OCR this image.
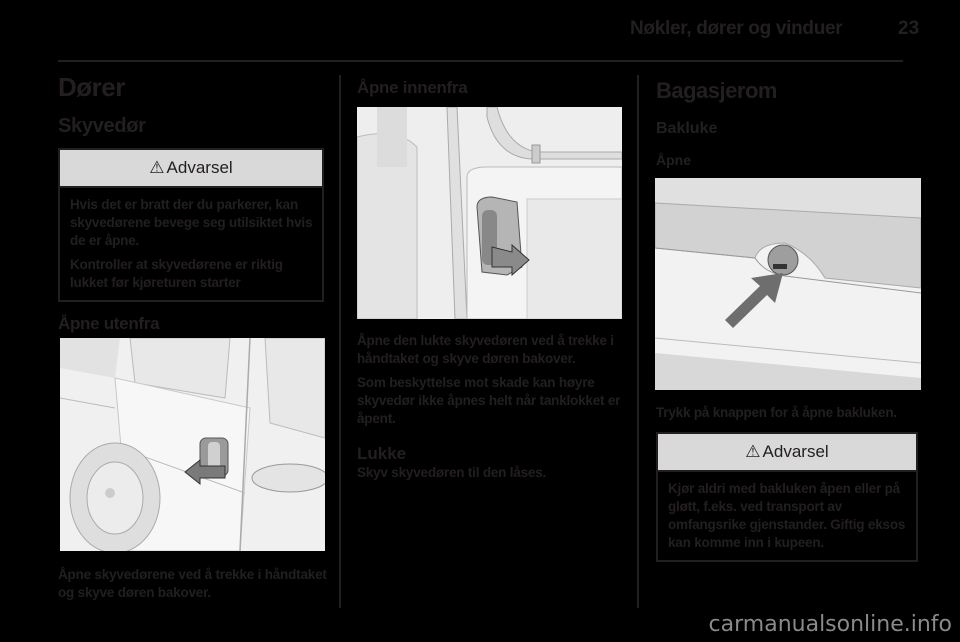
Nøkler, dører og vinduer	23
Dører
Skyvedør
⚠ Advarsel

Hvis det er bratt der du parkerer, kan skyvedørene bevege seg utilsiktet hvis de er åpne.

Kontroller at skyvedørene er riktig lukket før kjøreturen starter

Åpne utenfra

Åpne skyvedørene ved å trekke i håndtaket og skyve døren bakover.

Åpne innenfra

Åpne den lukte skyvedøren ved å trekke i håndtaket og skyve døren bakover.

Som beskyttelse mot skade kan høyre skyvedør ikke åpnes helt når tanklokket er åpent.

Lukke

Skyv skyvedøren til den låses.

Bagasjerom
Bakluke
Åpne

Trykk på knappen for å åpne bakluken.

⚠ Advarsel

Kjør aldri med bakluken åpen eller på gløtt, f.eks. ved transport av omfangsrike gjenstander. Giftig eksos kan komme inn i kupeen.

carmanualsonline.info
